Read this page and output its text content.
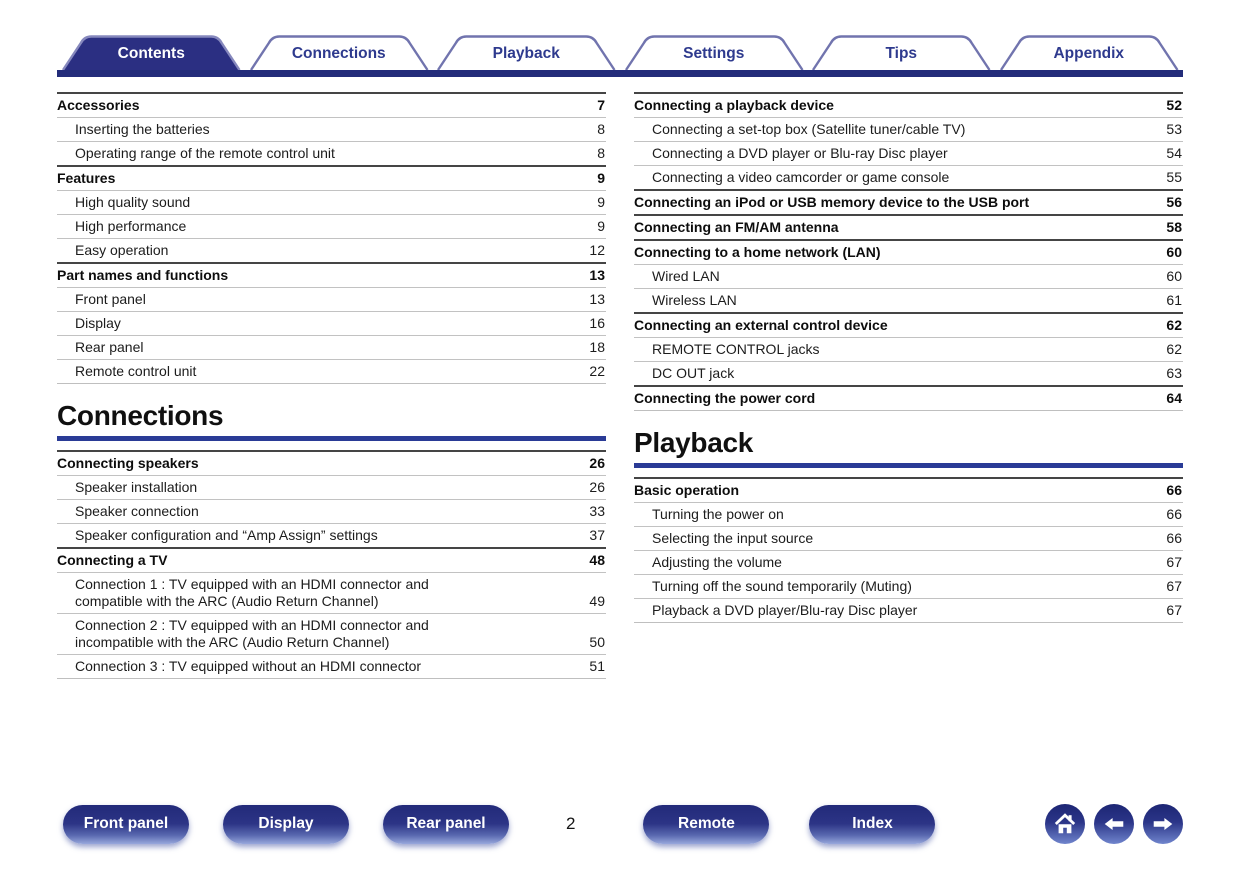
Contents	Connections	Playback	Settings	Tips	Appendix
Accessories	7
Inserting the batteries	8
Operating range of the remote control unit	8
Features	9
High quality sound	9
High performance	9
Easy operation	12
Part names and functions	13
Front panel	13
Display	16
Rear panel	18
Remote control unit	22
Connections
Connecting speakers	26
Speaker installation	26
Speaker connection	33
Speaker configuration and “Amp Assign” settings	37
Connecting a TV	48
Connection 1 : TV equipped with an HDMI connector and
compatible with the ARC (Audio Return Channel)	49
Connection 2 : TV equipped with an HDMI connector and
incompatible with the ARC (Audio Return Channel)	50
Connection 3 : TV equipped without an HDMI connector	51
Connecting a playback device	52
Connecting a set-top box (Satellite tuner/cable TV)	53
Connecting a DVD player or Blu-ray Disc player	54
Connecting a video camcorder or game console	55
Connecting an iPod or USB memory device to the USB port	56
Connecting an FM/AM antenna	58
Connecting to a home network (LAN)	60
Wired LAN	60
Wireless LAN	61
Connecting an external control device	62
REMOTE CONTROL jacks	62
DC OUT jack	63
Connecting the power cord	64
Playback
Basic operation	66
Turning the power on	66
Selecting the input source	66
Adjusting the volume	67
Turning off the sound temporarily (Muting)	67
Playback a DVD player/Blu-ray Disc player	67
Front panel	Display	Rear panel	2	Remote	Index
